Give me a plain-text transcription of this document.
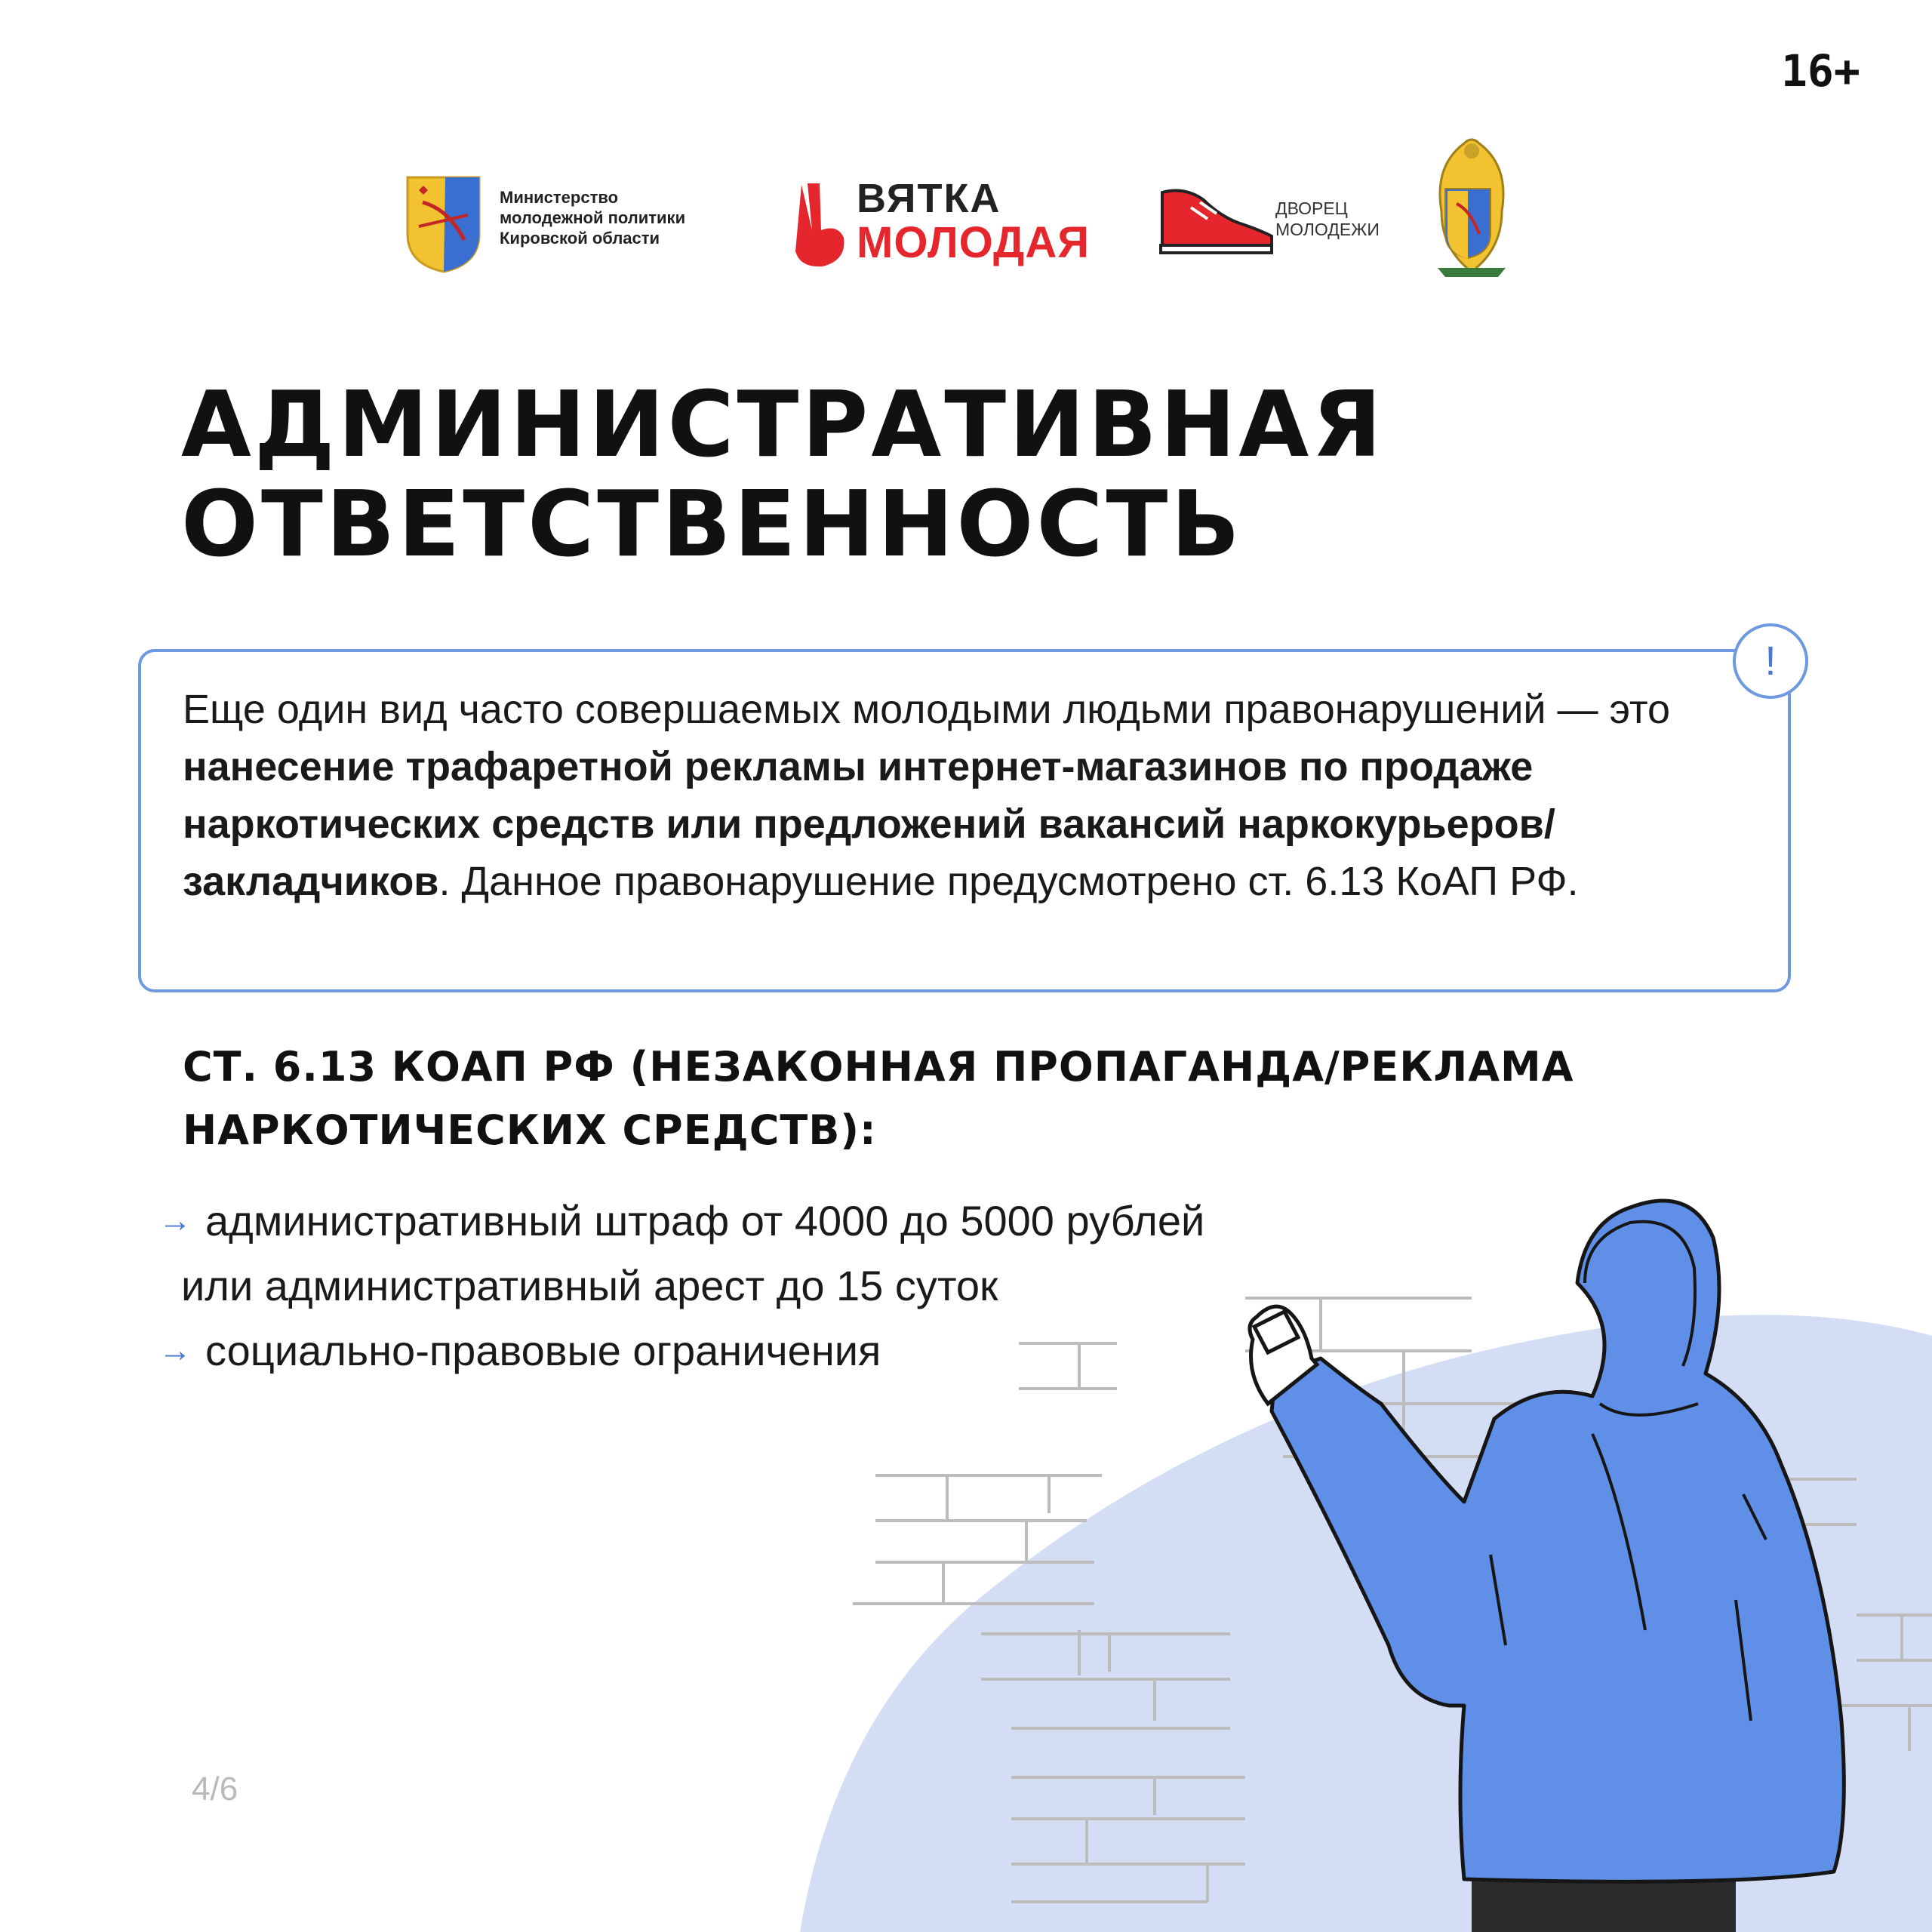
16+
Министерство
молодежной политики
Кировской области
ВЯТКА
МОЛОДАЯ
ДВОРЕЦ
МОЛОДЕЖИ
АДМИНИСТРАТИВНАЯ
ОТВЕТСТВЕННОСТЬ
!
Еще один вид часто совершаемых молодыми людьми правонарушений — это нанесение трафаретной рекламы интернет-магазинов по продаже наркотических средств или предложений вакансий наркокурьеров/закладчиков. Данное правонарушение предусмотрено ст. 6.13 КоАП РФ.
СТ. 6.13 КОАП РФ (НЕЗАКОННАЯ ПРОПАГАНДА/РЕКЛАМА
НАРКОТИЧЕСКИХ СРЕДСТВ):
→ административный штраф от 4000 до 5000 рублей
или административный арест до 15 суток
→ социально-правовые ограничения
4/6
